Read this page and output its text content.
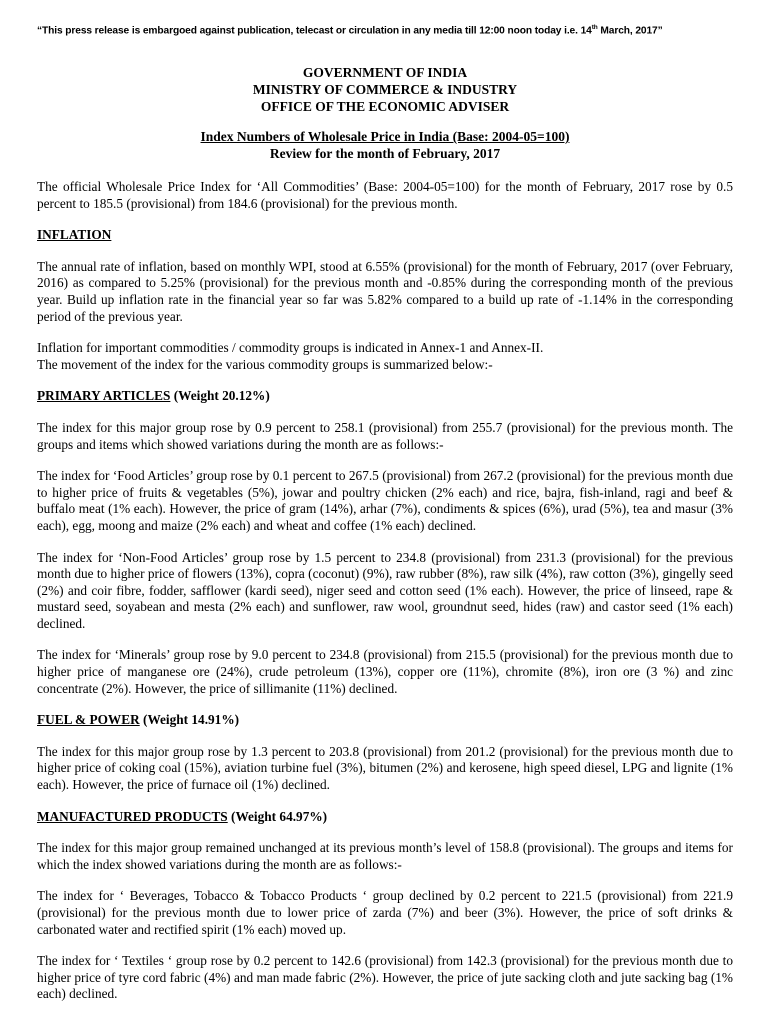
“This press release is embargoed against publication, telecast or circulation in any media till 12:00 noon today i.e. 14th March, 2017”
GOVERNMENT OF INDIA
MINISTRY OF COMMERCE & INDUSTRY
OFFICE OF THE ECONOMIC ADVISER
Index Numbers of Wholesale Price in India (Base: 2004-05=100)
Review for the month of February, 2017

The official Wholesale Price Index for ‘All Commodities’ (Base: 2004-05=100) for the month of February, 2017 rose by 0.5 percent to 185.5 (provisional) from 184.6 (provisional) for the previous month.

INFLATION

The annual rate of inflation, based on monthly WPI, stood at 6.55% (provisional) for the month of February, 2017 (over February, 2016) as compared to 5.25% (provisional) for the previous month and -0.85% during the corresponding month of the previous year. Build up inflation rate in the financial year so far was 5.82% compared to a build up rate of -1.14% in the corresponding period of the previous year.

Inflation for important commodities / commodity groups is indicated in Annex-1 and Annex-II.
The movement of the index for the various commodity groups is summarized below:-

PRIMARY ARTICLES (Weight 20.12%)

The index for this major group rose by 0.9 percent to 258.1 (provisional) from 255.7 (provisional) for the previous month. The groups and items which showed variations during the month are as follows:-

The index for ‘Food Articles’ group rose by 0.1 percent to 267.5 (provisional) from 267.2 (provisional) for the previous month due to higher price of fruits & vegetables (5%), jowar and poultry chicken (2% each) and rice, bajra, fish-inland, ragi and beef & buffalo meat (1% each). However, the price of gram (14%), arhar (7%), condiments & spices (6%), urad (5%), tea and masur (3% each), egg, moong and maize (2% each) and wheat and coffee (1% each) declined.

The index for ‘Non-Food Articles’ group rose by 1.5 percent to 234.8 (provisional) from 231.3 (provisional) for the previous month due to higher price of flowers (13%), copra (coconut) (9%), raw rubber (8%), raw silk (4%), raw cotton (3%), gingelly seed (2%) and coir fibre, fodder, safflower (kardi seed), niger seed and cotton seed (1% each). However, the price of linseed, rape & mustard seed, soyabean and mesta (2% each) and sunflower, raw wool, groundnut seed, hides (raw) and castor seed (1% each) declined.

The index for ‘Minerals’ group rose by 9.0 percent to 234.8 (provisional) from 215.5 (provisional) for the previous month due to higher price of manganese ore (24%), crude petroleum (13%), copper ore (11%), chromite (8%), iron ore (3 %) and zinc concentrate (2%). However, the price of sillimanite (11%) declined.

FUEL & POWER (Weight 14.91%)

The index for this major group rose by 1.3 percent to 203.8 (provisional) from 201.2 (provisional) for the previous month due to higher price of coking coal (15%), aviation turbine fuel (3%), bitumen (2%) and kerosene, high speed diesel, LPG and lignite (1% each). However, the price of furnace oil (1%) declined.

MANUFACTURED PRODUCTS (Weight 64.97%)

The index for this major group remained unchanged at its previous month’s level of 158.8 (provisional). The groups and items for which the index showed variations during the month are as follows:-

The index for ‘ Beverages, Tobacco & Tobacco Products ‘ group declined by 0.2 percent to 221.5 (provisional) from 221.9 (provisional) for the previous month due to lower price of zarda (7%) and beer (3%). However, the price of soft drinks & carbonated water and rectified spirit (1% each) moved up.

The index for ‘ Textiles ‘ group rose by 0.2 percent to 142.6 (provisional) from 142.3 (provisional) for the previous month due to higher price of tyre cord fabric (4%) and man made fabric (2%). However, the price of jute sacking cloth and jute sacking bag (1% each) declined.
